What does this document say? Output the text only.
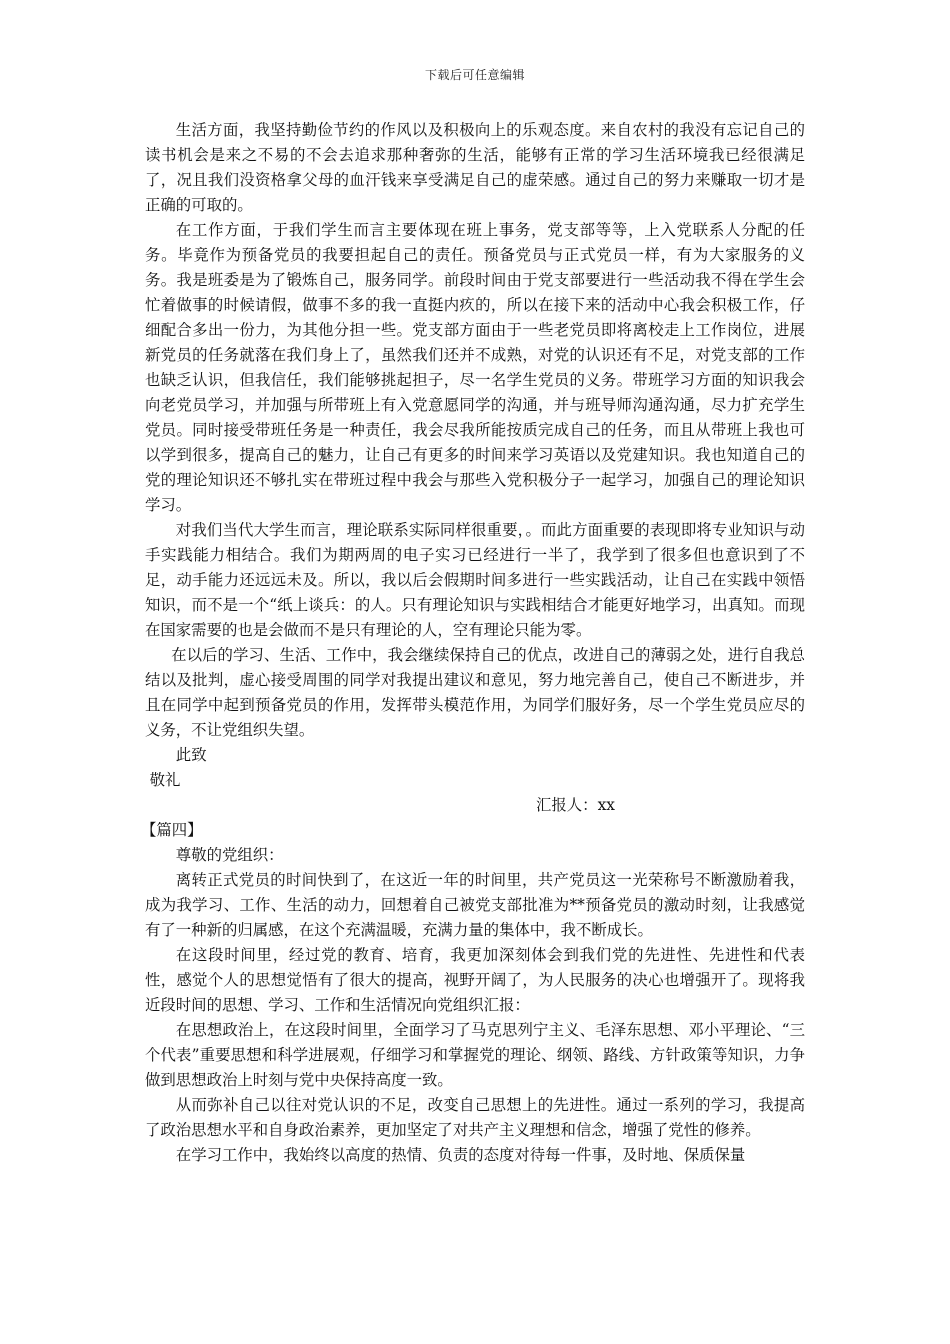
下载后可任意编辑

生活方面，我坚持勤俭节约的作风以及积极向上的乐观态度。来自农村的我没有忘记自己的读书机会是来之不易的不会去追求那种奢弥的生活，能够有正常的学习生活环境我已经很满足了，况且我们没资格拿父母的血汗钱来享受满足自己的虚荣感。通过自己的努力来赚取一切才是正确的可取的。

在工作方面，于我们学生而言主要体现在班上事务，党支部等等，上入党联系人分配的任务。毕竟作为预备党员的我要担起自己的责任。预备党员与正式党员一样，有为大家服务的义务。我是班委是为了锻炼自己，服务同学。前段时间由于党支部要进行一些活动我不得在学生会忙着做事的时候请假，做事不多的我一直挺内疚的，所以在接下来的活动中心我会积极工作，仔细配合多出一份力，为其他分担一些。党支部方面由于一些老党员即将离校走上工作岗位，进展新党员的任务就落在我们身上了，虽然我们还并不成熟，对党的认识还有不足，对党支部的工作也缺乏认识，但我信任，我们能够挑起担子，尽一名学生党员的义务。带班学习方面的知识我会向老党员学习，并加强与所带班上有入党意愿同学的沟通，并与班导师沟通沟通，尽力扩充学生党员。同时接受带班任务是一种责任，我会尽我所能按质完成自己的任务，而且从带班上我也可以学到很多，提高自己的魅力，让自己有更多的时间来学习英语以及党建知识。我也知道自己的党的理论知识还不够扎实在带班过程中我会与那些入党积极分子一起学习，加强自己的理论知识学习。

对我们当代大学生而言，理论联系实际同样很重要，。而此方面重要的表现即将专业知识与动手实践能力相结合。我们为期两周的电子实习已经进行一半了，我学到了很多但也意识到了不足，动手能力还远远未及。所以，我以后会假期时间多进行一些实践活动，让自己在实践中领悟知识，而不是一个“纸上谈兵：的人。只有理论知识与实践相结合才能更好地学习，出真知。而现在国家需要的也是会做而不是只有理论的人，空有理论只能为零。

在以后的学习、生活、工作中，我会继续保持自己的优点，改进自己的薄弱之处，进行自我总结以及批判，虚心接受周围的同学对我提出建议和意见，努力地完善自己，使自己不断进步，并且在同学中起到预备党员的作用，发挥带头模范作用，为同学们服好务，尽一个学生党员应尽的义务，不让党组织失望。

此致

敬礼

汇报人：xx

【篇四】

尊敬的党组织：

离转正式党员的时间快到了，在这近一年的时间里，共产党员这一光荣称号不断激励着我，成为我学习、工作、生活的动力，回想着自己被党支部批准为**预备党员的激动时刻，让我感觉有了一种新的归属感，在这个充满温暖，充满力量的集体中，我不断成长。

在这段时间里，经过党的教育、培育，我更加深刻体会到我们党的先进性、先进性和代表性，感觉个人的思想觉悟有了很大的提高，视野开阔了，为人民服务的决心也增强开了。现将我近段时间的思想、学习、工作和生活情况向党组织汇报：

在思想政治上，在这段时间里，全面学习了马克思列宁主义、毛泽东思想、邓小平理论、“三个代表”重要思想和科学进展观，仔细学习和掌握党的理论、纲领、路线、方针政策等知识，力争做到思想政治上时刻与党中央保持高度一致。

从而弥补自己以往对党认识的不足，改变自己思想上的先进性。通过一系列的学习，我提高了政治思想水平和自身政治素养，更加坚定了对共产主义理想和信念，增强了党性的修养。

在学习工作中，我始终以高度的热情、负责的态度对待每一件事，及时地、保质保量
